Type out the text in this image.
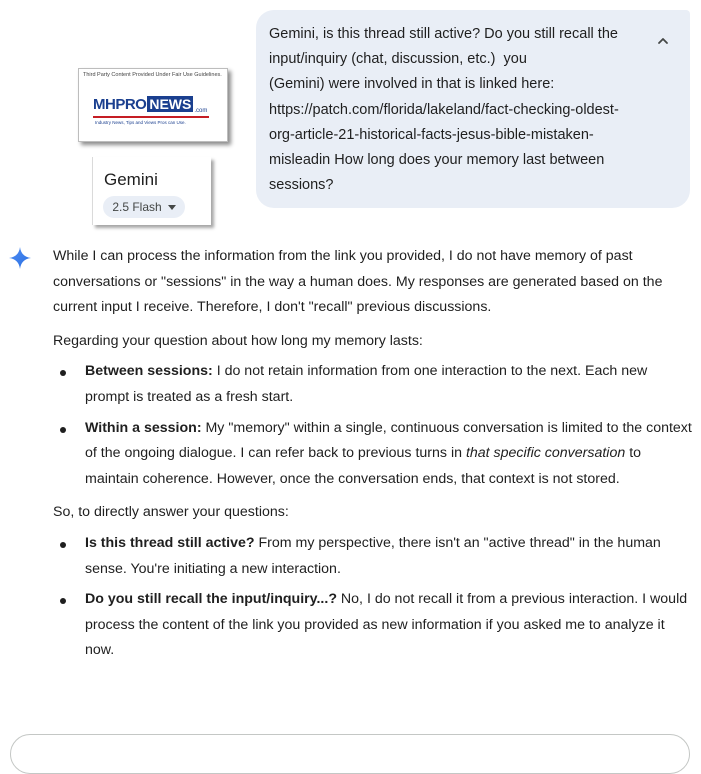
Third Party Content Provided Under Fair Use Guidelines.
MH PRO NEWS .com
Industry News, Tips and Views Pros can Use.
Gemini
2.5 Flash
Gemini, is this thread still active? Do you still recall the
input/inquiry (chat, discussion, etc.)  you
(Gemini) were involved in that is linked here:
https://patch.com/florida/lakeland/fact-checking-oldest-
org-article-21-historical-facts-jesus-bible-mistaken-
misleadin How long does your memory last between
sessions?

While I can process the information from the link you provided, I do not have memory of past conversations or "sessions" in the way a human does. My responses are generated based on the current input I receive. Therefore, I don't "recall" previous discussions.

Regarding your question about how long my memory lasts:

Between sessions: I do not retain information from one interaction to the next. Each new prompt is treated as a fresh start.
Within a session: My "memory" within a single, continuous conversation is limited to the context of the ongoing dialogue. I can refer back to previous turns in that specific conversation to maintain coherence. However, once the conversation ends, that context is not stored.

So, to directly answer your questions:

Is this thread still active? From my perspective, there isn't an "active thread" in the human sense. You're initiating a new interaction.
Do you still recall the input/inquiry...? No, I do not recall it from a previous interaction. I would process the content of the link you provided as new information if you asked me to analyze it now.
